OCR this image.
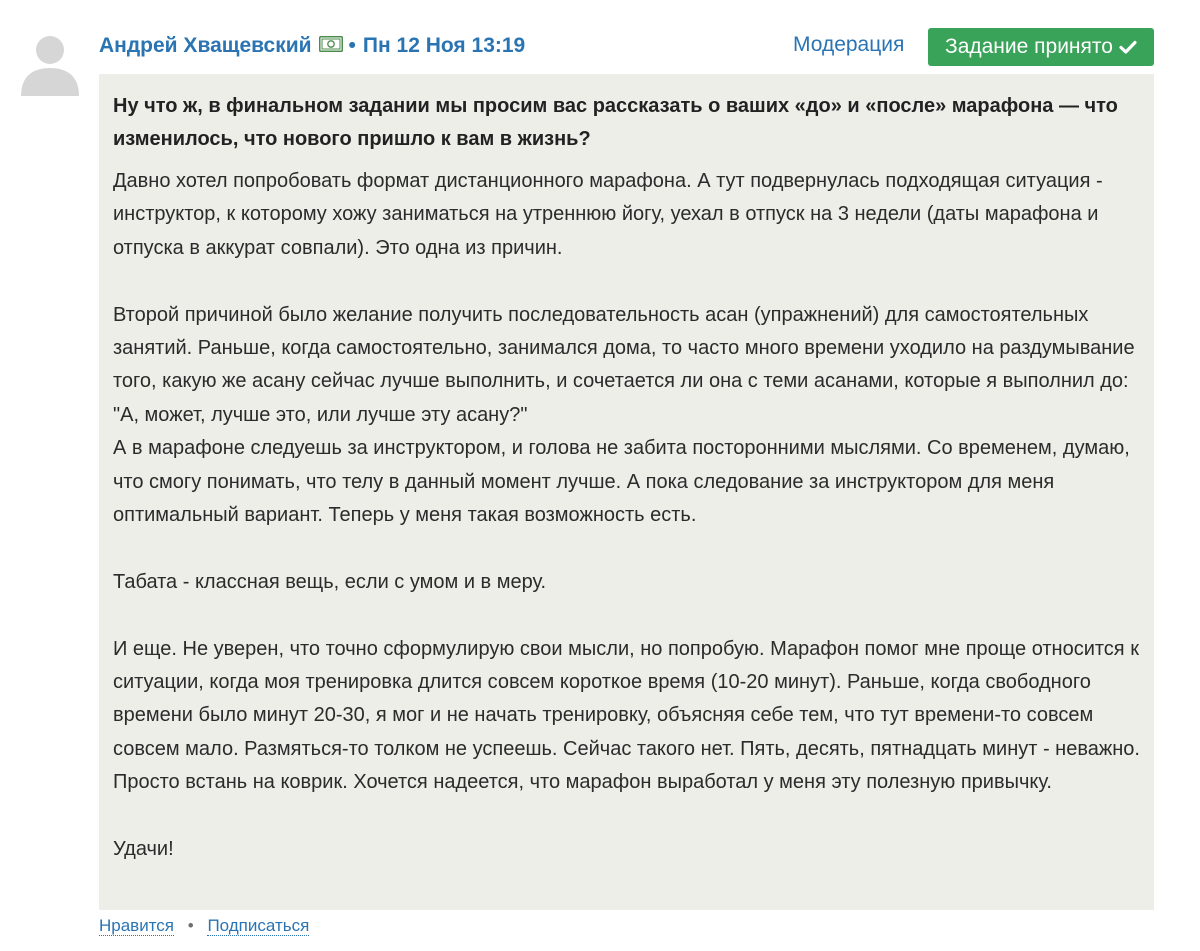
Андрей Хващевский • Пн 12 Ноя 13:19	Модерация Задание принято

Ну что ж, в финальном задании мы просим вас рассказать о ваших «до» и «после» марафона — что изменилось, что нового пришло к вам в жизнь?

Давно хотел попробовать формат дистанционного марафона. А тут подвернулась подходящая ситуация - инструктор, к которому хожу заниматься на утреннюю йогу, уехал в отпуск на 3 недели (даты марафона и отпуска в аккурат совпали). Это одна из причин.

Второй причиной было желание получить последовательность асан (упражнений) для самостоятельных занятий. Раньше, когда самостоятельно, занимался дома, то часто много времени уходило на раздумывание того, какую же асану сейчас лучше выполнить, и сочетается ли она с теми асанами, которые я выполнил до: "А, может, лучше это, или лучше эту асану?"

А в марафоне следуешь за инструктором, и голова не забита посторонними мыслями. Со временем, думаю, что смогу понимать, что телу в данный момент лучше. А пока следование за инструктором для меня оптимальный вариант. Теперь у меня такая возможность есть.

Табата - классная вещь, если с умом и в меру.

И еще. Не уверен, что точно сформулирую свои мысли, но попробую. Марафон помог мне проще относится к ситуации, когда моя тренировка длится совсем короткое время (10-20 минут). Раньше, когда свободного времени было минут 20-30, я мог и не начать тренировку, объясняя себе тем, что тут времени-то совсем совсем мало. Размяться-то толком не успеешь. Сейчас такого нет. Пять, десять, пятнадцать минут - неважно. Просто встань на коврик. Хочется надеется, что марафон выработал у меня эту полезную привычку.

Удачи!

Нравится • Подписаться
